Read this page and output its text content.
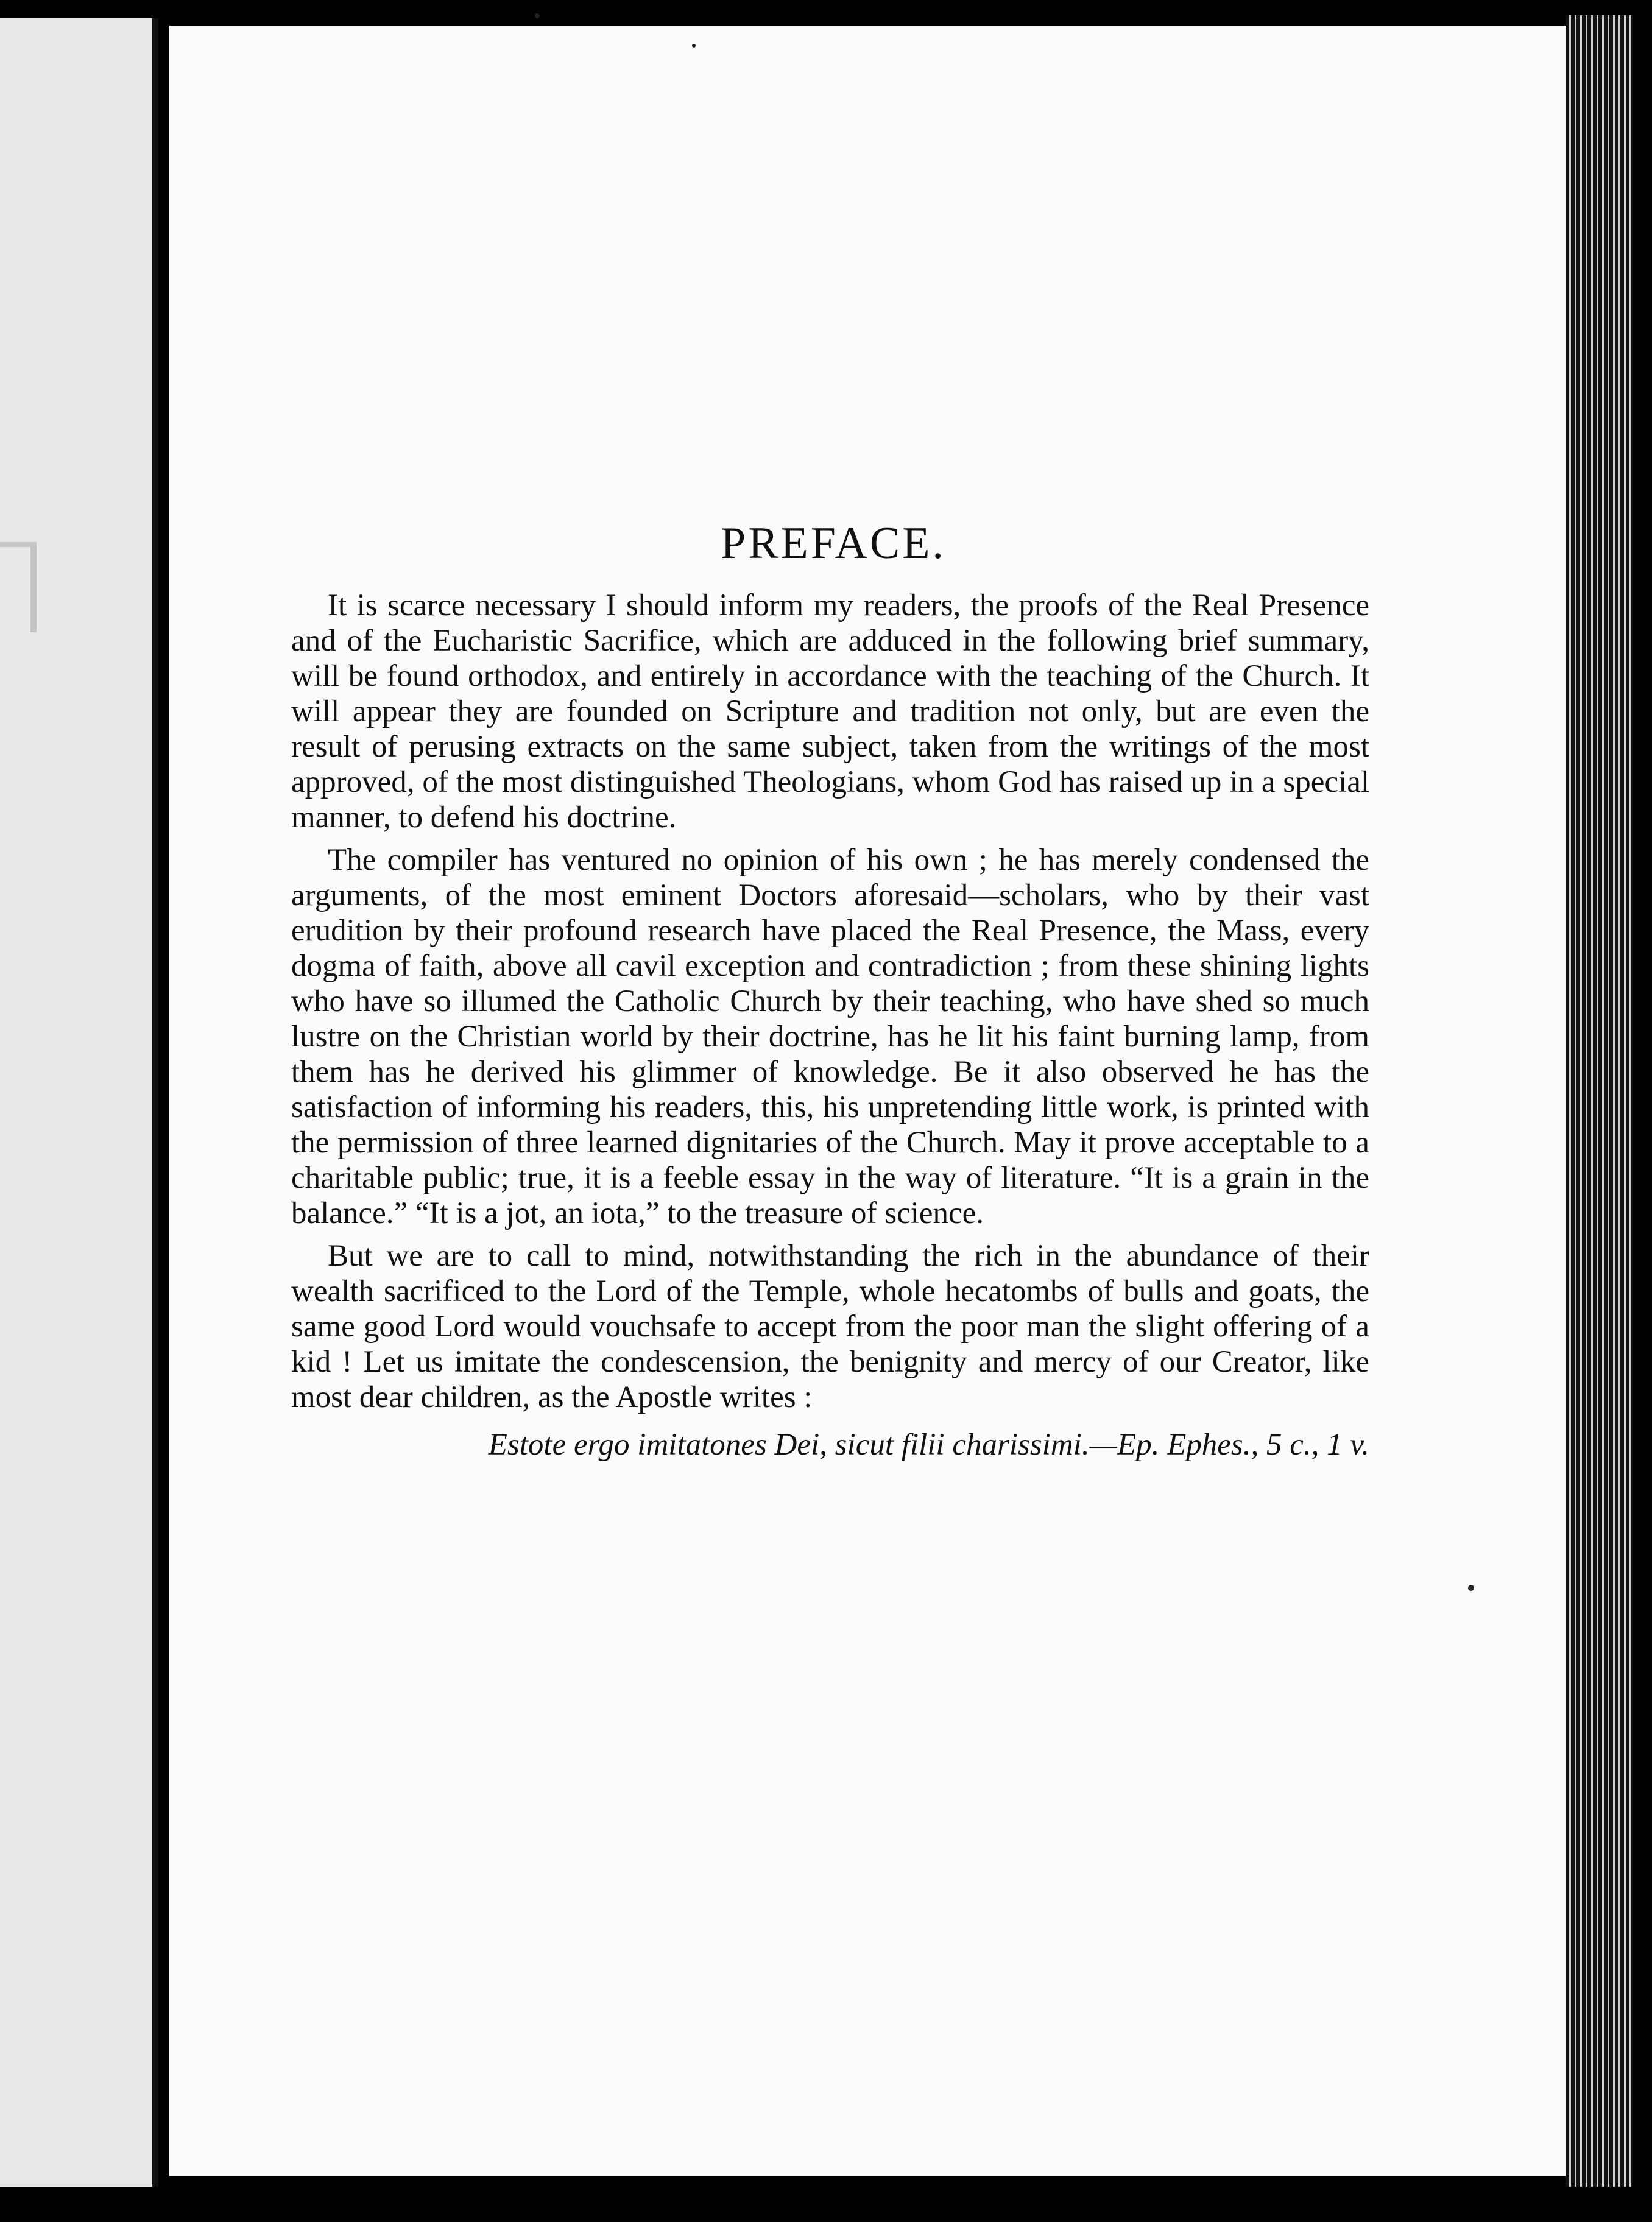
PREFACE.

It is scarce necessary I should inform my readers, the proofs of the Real Presence and of the Eucharistic Sacrifice, which are adduced in the following brief summary, will be found orthodox, and entirely in accordance with the teaching of the Church. It will appear they are founded on Scripture and tradition not only, but are even the result of perusing extracts on the same subject, taken from the writings of the most approved, of the most distinguished Theologians, whom God has raised up in a special manner, to defend his doctrine.

The compiler has ventured no opinion of his own ; he has merely condensed the arguments, of the most eminent Doctors aforesaid—scholars, who by their vast erudition by their profound research have placed the Real Presence, the Mass, every dogma of faith, above all cavil exception and contradiction ; from these shining lights who have so illumed the Catholic Church by their teaching, who have shed so much lustre on the Christian world by their doctrine, has he lit his faint burning lamp, from them has he derived his glimmer of knowledge. Be it also observed he has the satisfaction of informing his readers, this, his unpretending little work, is printed with the permission of three learned dignitaries of the Church. May it prove acceptable to a charitable public; true, it is a feeble essay in the way of literature. “It is a grain in the balance.” “It is a jot, an iota,” to the treasure of science.

But we are to call to mind, notwithstanding the rich in the abundance of their wealth sacrificed to the Lord of the Temple, whole hecatombs of bulls and goats, the same good Lord would vouchsafe to accept from the poor man the slight offering of a kid ! Let us imitate the condescension, the benignity and mercy of our Creator, like most dear children, as the Apostle writes :

Estote ergo imitatones Dei, sicut filii charissimi.—Ep. Ephes., 5 c., 1 v.
